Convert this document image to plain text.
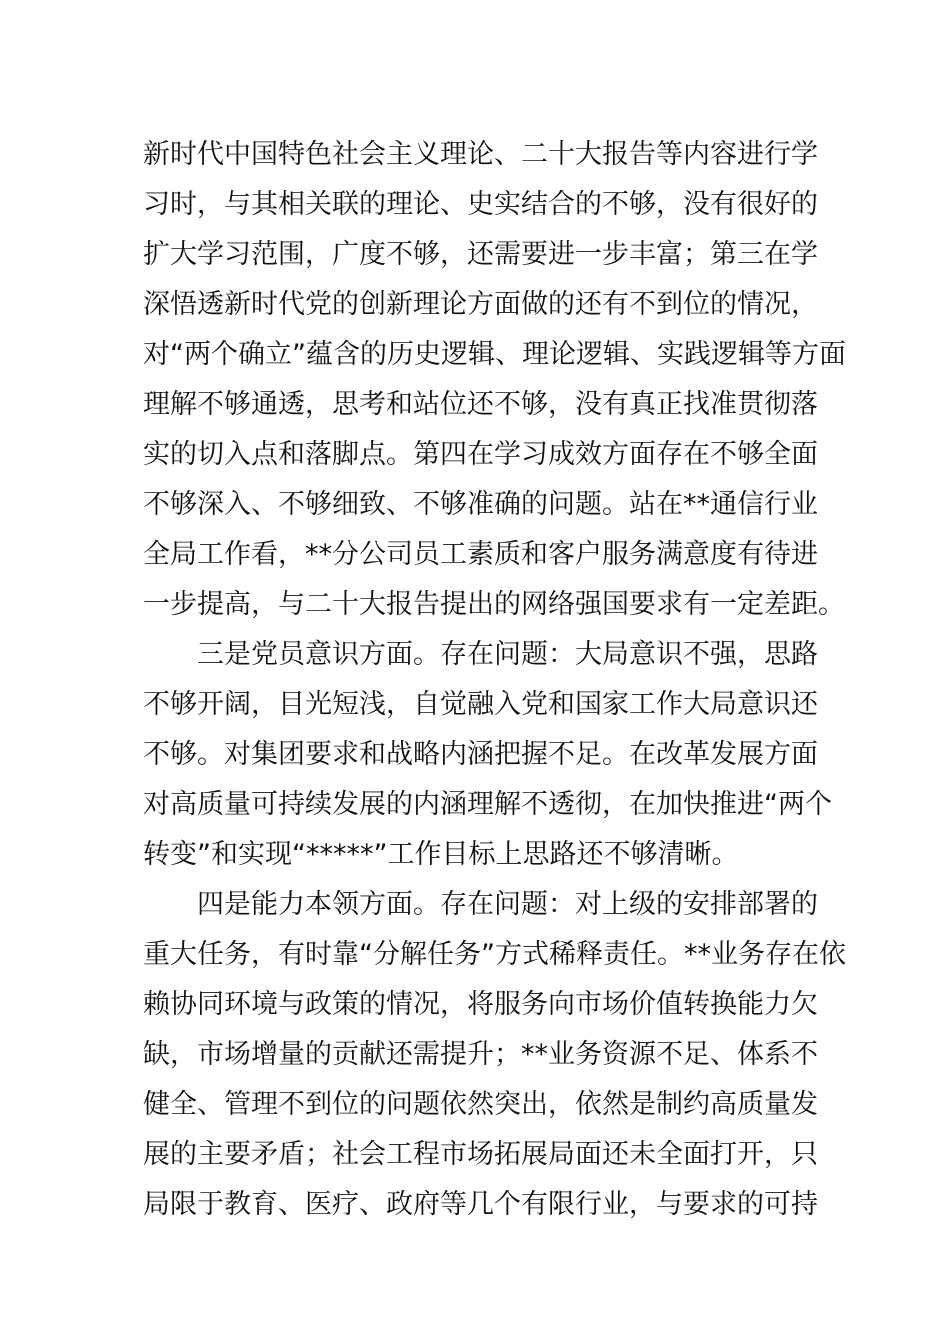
新时代中国特色社会主义理论、二十大报告等内容进行学
习时，与其相关联的理论、史实结合的不够，没有很好的
扩大学习范围，广度不够，还需要进一步丰富；第三在学
深悟透新时代党的创新理论方面做的还有不到位的情况，
对“两个确立”蕴含的历史逻辑、理论逻辑、实践逻辑等方面
理解不够通透，思考和站位还不够，没有真正找准贯彻落
实的切入点和落脚点。第四在学习成效方面存在不够全面
不够深入、不够细致、不够准确的问题。站在**通信行业
全局工作看，**分公司员工素质和客户服务满意度有待进
一步提高，与二十大报告提出的网络强国要求有一定差距。
三是党员意识方面。存在问题：大局意识不强，思路
不够开阔，目光短浅，自觉融入党和国家工作大局意识还
不够。对集团要求和战略内涵把握不足。在改革发展方面
对高质量可持续发展的内涵理解不透彻，在加快推进“两个
转变”和实现“*****”工作目标上思路还不够清晰。
四是能力本领方面。存在问题：对上级的安排部署的
重大任务，有时靠“分解任务”方式稀释责任。**业务存在依
赖协同环境与政策的情况，将服务向市场价值转换能力欠
缺，市场增量的贡献还需提升；**业务资源不足、体系不
健全、管理不到位的问题依然突出，依然是制约高质量发
展的主要矛盾；社会工程市场拓展局面还未全面打开，只
局限于教育、医疗、政府等几个有限行业，与要求的可持
